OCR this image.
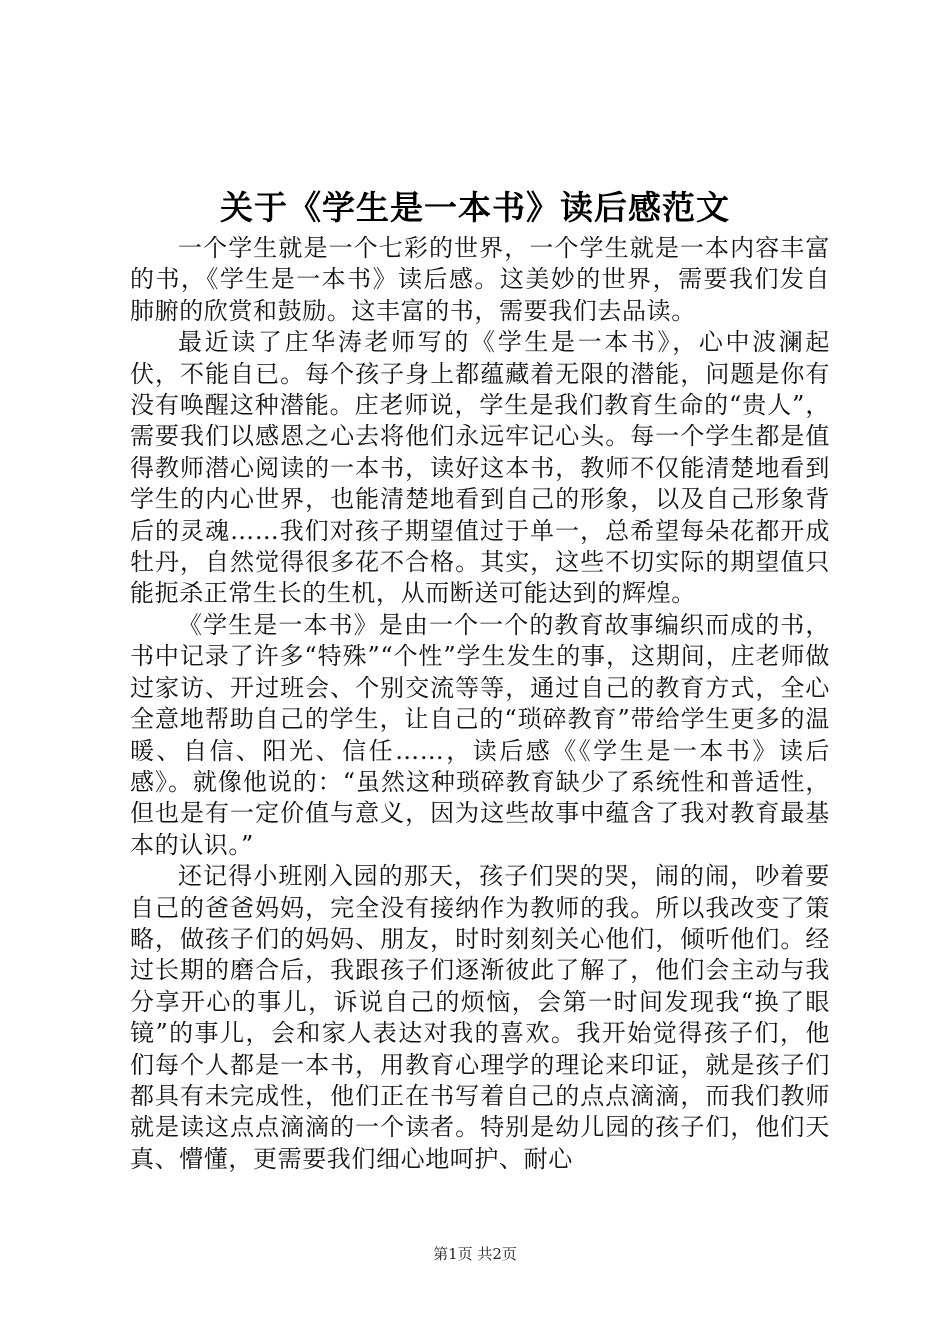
关于《学生是一本书》读后感范文

一个学生就是一个七彩的世界，一个学生就是一本内容丰富的书，《学生是一本书》读后感。这美妙的世界，需要我们发自肺腑的欣赏和鼓励。这丰富的书，需要我们去品读。

最近读了庄华涛老师写的《学生是一本书》，心中波澜起伏，不能自已。每个孩子身上都蕴藏着无限的潜能，问题是你有没有唤醒这种潜能。庄老师说，学生是我们教育生命的“贵人”，需要我们以感恩之心去将他们永远牢记心头。每一个学生都是值得教师潜心阅读的一本书，读好这本书，教师不仅能清楚地看到学生的内心世界，也能清楚地看到自己的形象，以及自己形象背后的灵魂……我们对孩子期望值过于单一，总希望每朵花都开成牡丹，自然觉得很多花不合格。其实，这些不切实际的期望值只能扼杀正常生长的生机，从而断送可能达到的辉煌。

《学生是一本书》是由一个一个的教育故事编织而成的书，书中记录了许多“特殊”“个性”学生发生的事，这期间，庄老师做过家访、开过班会、个别交流等等，通过自己的教育方式，全心全意地帮助自己的学生，让自己的“琐碎教育”带给学生更多的温暖、自信、阳光、信任……，读后感《《学生是一本书》读后感》。就像他说的：“虽然这种琐碎教育缺少了系统性和普适性，但也是有一定价值与意义，因为这些故事中蕴含了我对教育最基本的认识。”

还记得小班刚入园的那天，孩子们哭的哭，闹的闹，吵着要自己的爸爸妈妈，完全没有接纳作为教师的我。所以我改变了策略，做孩子们的妈妈、朋友，时时刻刻关心他们，倾听他们。经过长期的磨合后，我跟孩子们逐渐彼此了解了，他们会主动与我分享开心的事儿，诉说自己的烦恼，会第一时间发现我“换了眼镜”的事儿，会和家人表达对我的喜欢。我开始觉得孩子们，他们每个人都是一本书，用教育心理学的理论来印证，就是孩子们都具有未完成性，他们正在书写着自己的点点滴滴，而我们教师就是读这点点滴滴的一个读者。特别是幼儿园的孩子们，他们天真、懵懂，更需要我们细心地呵护、耐心

第1页 共2页
